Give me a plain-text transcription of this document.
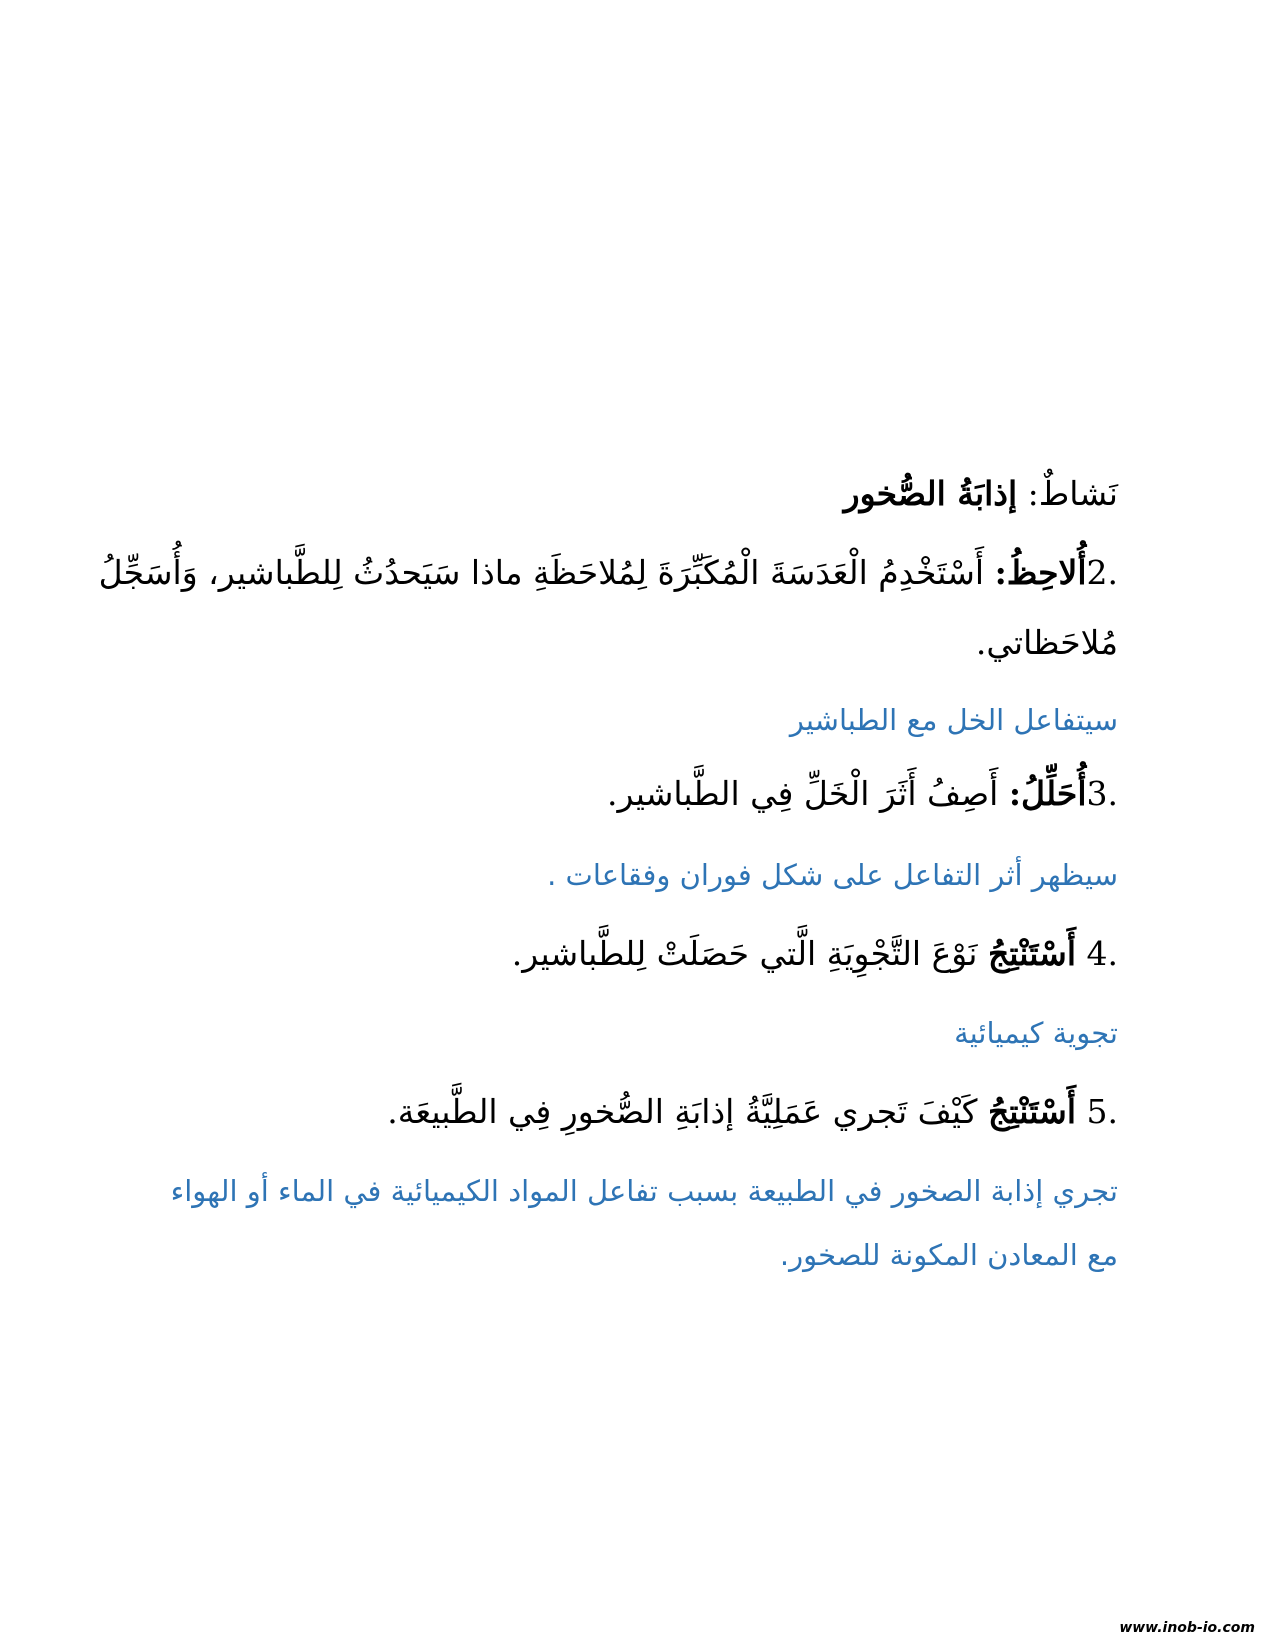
نَشاطٌ: إذابَةُ الصُّخور
2.أُلاحِظُ: أَسْتَخْدِمُ الْعَدَسَةَ الْمُكَبِّرَةَ لِمُلاحَظَةِ ماذا سَيَحدُثُ لِلطَّباشير، وَأُسَجِّلُ
مُلاحَظاتي.
سيتفاعل الخل مع الطباشير
3.أُحَلِّلُ: أَصِفُ أَثَرَ الْخَلِّ فِي الطَّباشير.
سيظهر أثر التفاعل على شكل فوران وفقاعات .
4. أَسْتَنْتِجُ نَوْعَ التَّجْوِيَةِ الَّتي حَصَلَتْ لِلطَّباشير.
تجوية كيميائية
5. أَسْتَنْتِجُ كَيْفَ تَجري عَمَلِيَّةُ إذابَةِ الصُّخورِ فِي الطَّبيعَة.
تجري إذابة الصخور في الطبيعة بسبب تفاعل المواد الكيميائية في الماء أو الهواء
مع المعادن المكونة للصخور.
www.inob-io.com
